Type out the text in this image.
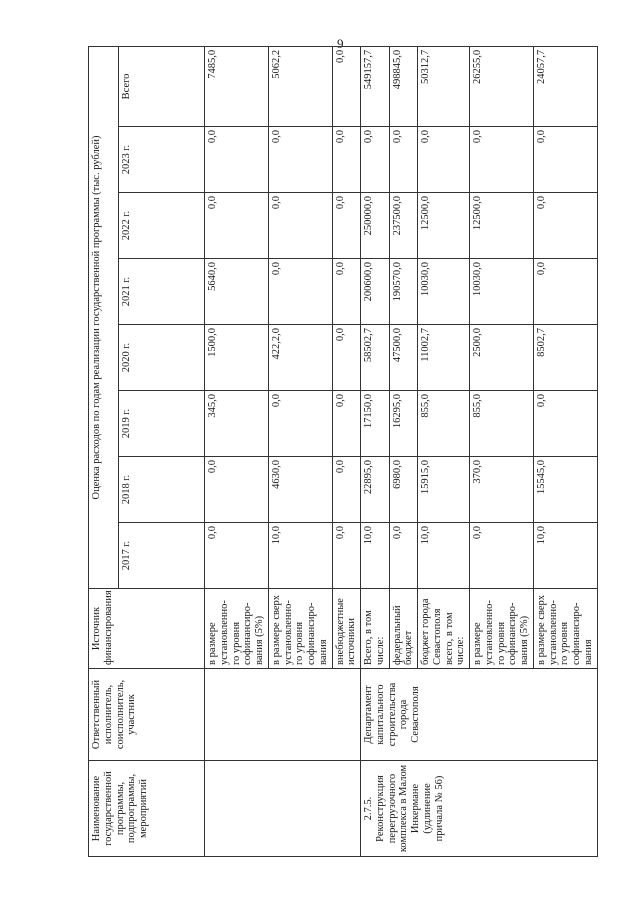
9
Наименование государственной программы, подпрограммы, мероприятий	Ответственный исполнитель, соисполнитель, участник	Источник финансирования	Оценка расходов по годам реализации государственной программы (тыс. рублей)							
			2017 г.	2018 г.	2019 г.	2020 г.	2021 г.	2022 г.	2023 г.	Всего
		в размере установленно-го уровня софинансиро-вания (5%)	0,0	0,0	345,0	1500,0	5640,0	0,0	0,0	7485,0
		в размере сверх установленно-го уровня софинансиро-вания	10,0	4630,0	0,0	422,2,0	0,0	0,0	0,0	5062,2
		внебюджетные источники	0,0	0,0	0,0	0,0	0,0	0,0	0,0	0,0
2.7.5. Реконструкция перегрузочного комплекса в Малом Инкермане (удлинение причала № 56)	Департамент капитального строительства города Севастополя	Всего, в том числе:	10,0	22895,0	17150,0	58502,7	200600,0	250000,0	0,0	549157,7
		федеральный бюджет	0,0	6980,0	16295,0	47500,0	190570,0	237500,0	0,0	498845,0
		бюджет города Севастополя всего, в том числе:	10,0	15915,0	855,0	11002,7	10030,0	12500,0	0,0	50312,7
		в размере установленно-го уровня софинансиро-вания (5%)	0,0	370,0	855,0	2500,0	10030,0	12500,0	0,0	26255,0
		в размере сверх установленно-го уровня софинансиро-вания	10,0	15545,0	0,0	8502,7	0,0	0,0	0,0	24057,7
